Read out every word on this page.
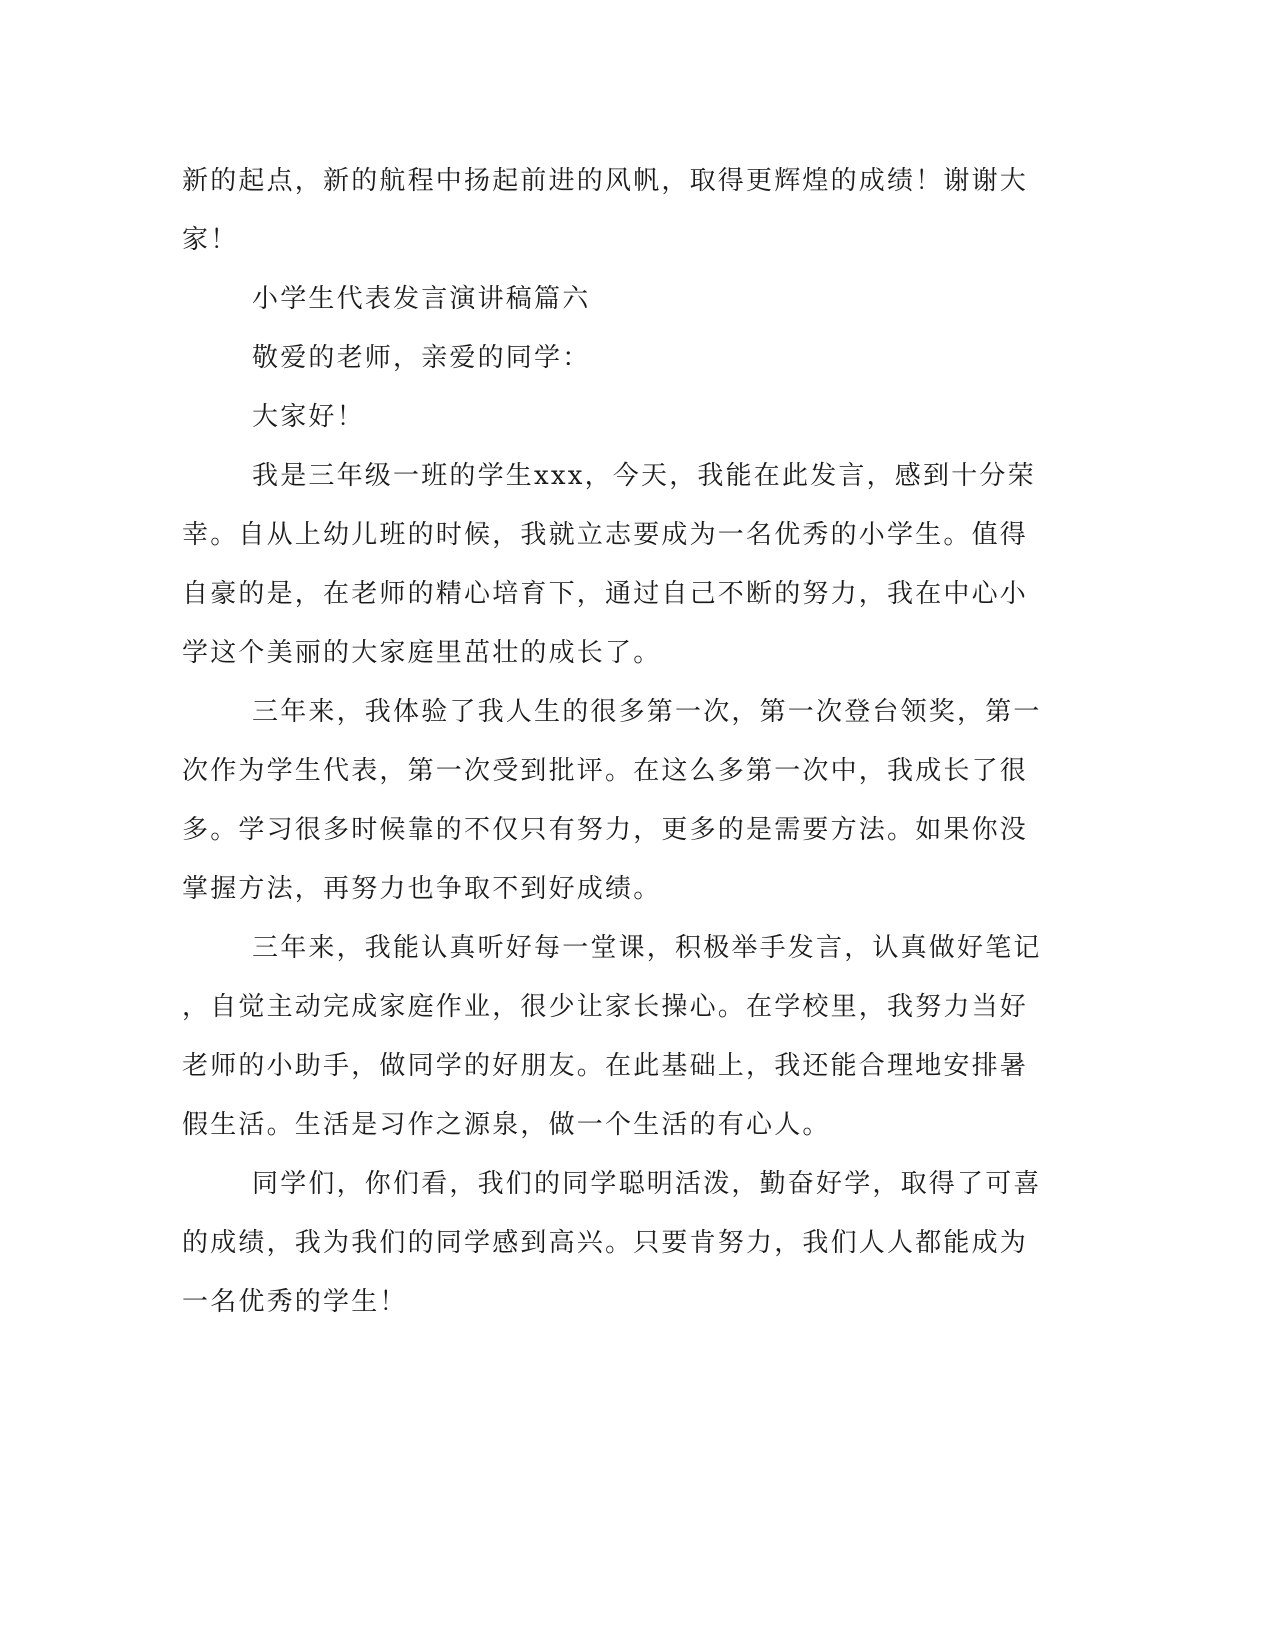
新的起点，新的航程中扬起前进的风帆，取得更辉煌的成绩！谢谢大
家！
小学生代表发言演讲稿篇六
敬爱的老师，亲爱的同学：
大家好！
我是三年级一班的学生xxx，今天，我能在此发言，感到十分荣
幸。自从上幼儿班的时候，我就立志要成为一名优秀的小学生。值得
自豪的是，在老师的精心培育下，通过自己不断的努力，我在中心小
学这个美丽的大家庭里茁壮的成长了。
三年来，我体验了我人生的很多第一次，第一次登台领奖，第一
次作为学生代表，第一次受到批评。在这么多第一次中，我成长了很
多。学习很多时候靠的不仅只有努力，更多的是需要方法。如果你没
掌握方法，再努力也争取不到好成绩。
三年来，我能认真听好每一堂课，积极举手发言，认真做好笔记
，自觉主动完成家庭作业，很少让家长操心。在学校里，我努力当好
老师的小助手，做同学的好朋友。在此基础上，我还能合理地安排暑
假生活。生活是习作之源泉，做一个生活的有心人。
同学们，你们看，我们的同学聪明活泼，勤奋好学，取得了可喜
的成绩，我为我们的同学感到高兴。只要肯努力，我们人人都能成为
一名优秀的学生！
